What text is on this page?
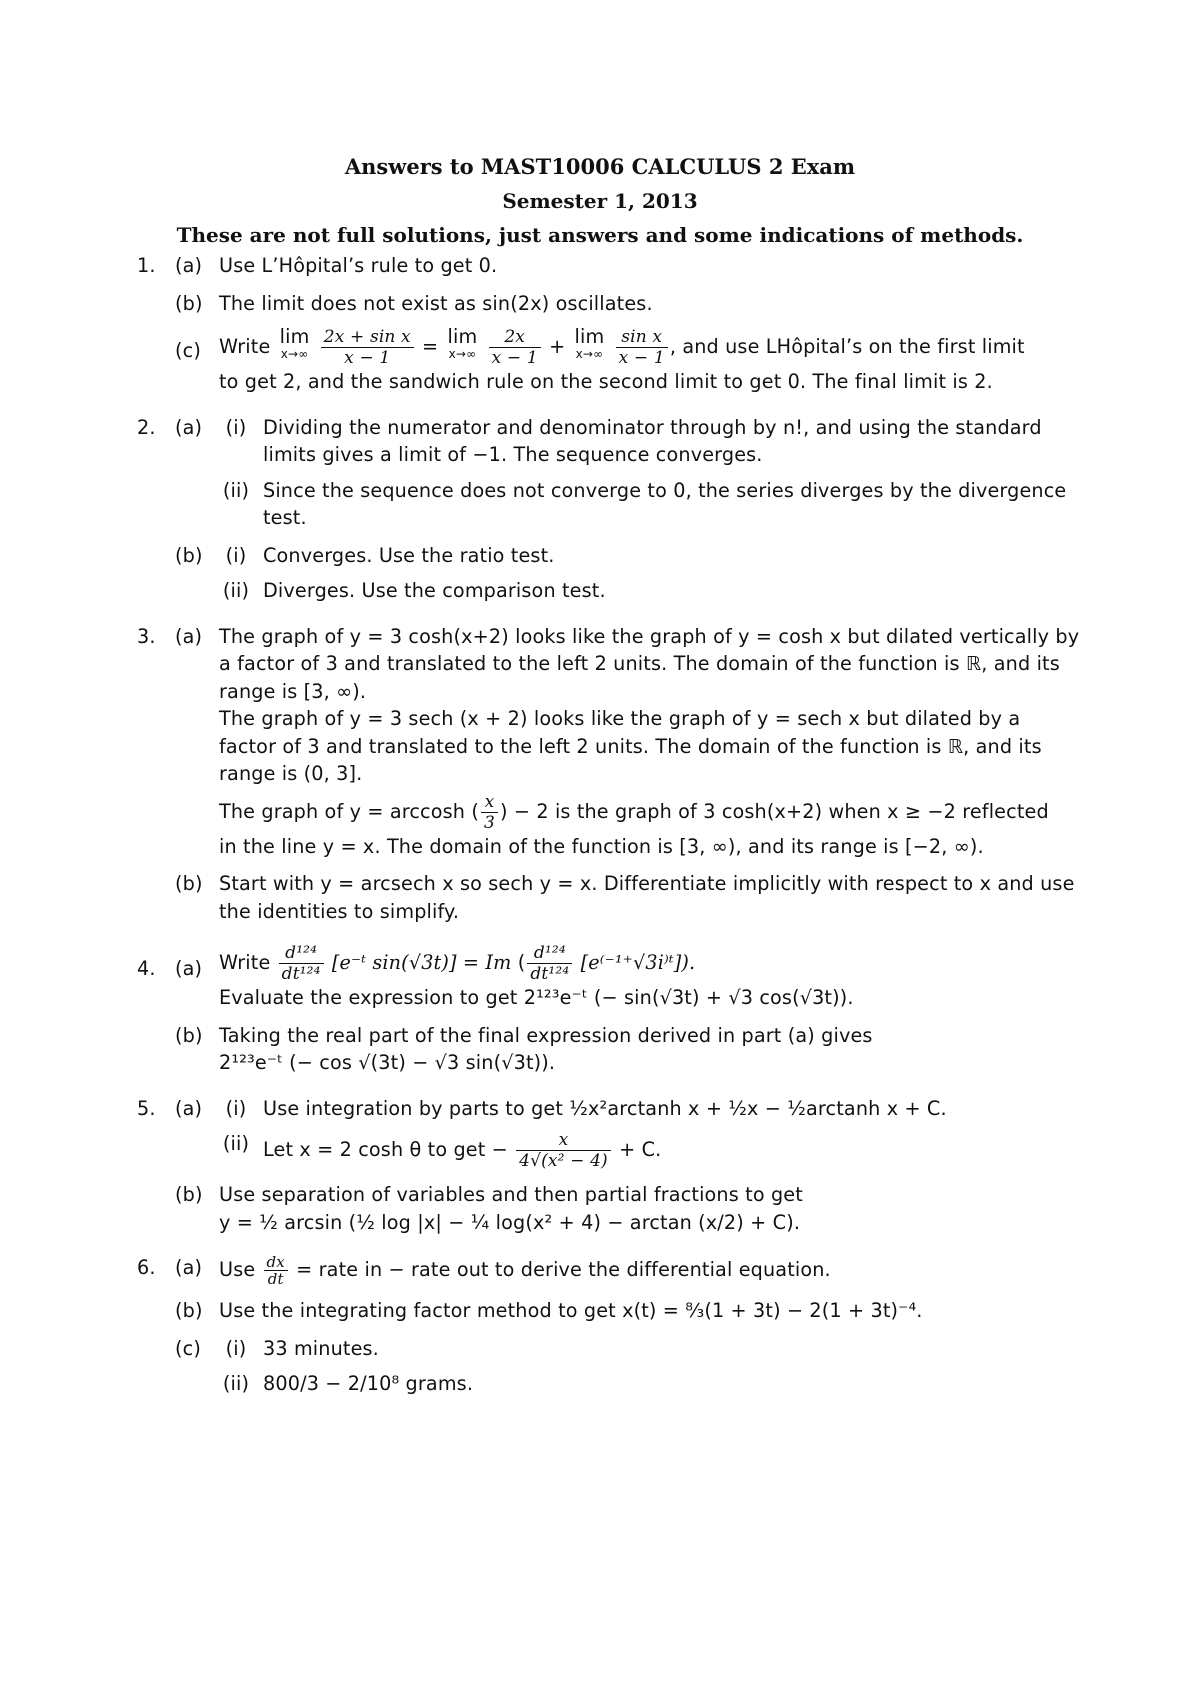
Answers to MAST10006 CALCULUS 2 Exam
Semester 1, 2013
These are not full solutions, just answers and some indications of methods.
1. (a) Use L’Hôpital’s rule to get 0.
(b) The limit does not exist as sin(2x) oscillates.
(c) Write lim
x→∞
$\frac{\text{2x + sin x}}{x - 1} = \lim$
x→∞
$\frac{2x}{x - 1} + \lim$
x→∞
$\frac{\text{sin x}}{x - 1}$ , and use LHôpital’s on the first limit
to get 2, and the sandwich rule on the second limit to get 0. The final limit is 2.
2. (a)	(i) Dividing the numerator and denominator through by n!, and using the standard limits gives a limit of −1. The sequence converges.
(ii) Since the sequence does not converge to 0, the series diverges by the divergence test.
(b)	(i) Converges. Use the ratio test.
(ii) Diverges. Use the comparison test.
3. (a) The graph of y = 3 cosh(x+2) looks like the graph of y = cosh x but dilated vertically by a factor of 3 and translated to the left 2 units. The domain of the function is ℝ, and its range is [3, ∞).
The graph of y = 3 sech (x + 2) looks like the graph of y = sech x but dilated by a factor of 3 and translated to the left 2 units. The domain of the function is ℝ, and its range is (0, 3].
The graph of y = arccosh ( $\frac{x}{3}$ ) − 2 is the graph of 3 cosh(x+2) when x ≥ −2 reflected
in the line y = x. The domain of the function is [3, ∞), and its range is [−2, ∞).
(b) Start with y = arcsech x so sech y = x. Differentiate implicitly with respect to x and use the identities to simplify.
4. (a) Write $\frac{\text{d¹²⁴}}{\text{dt¹²⁴}}$ [e⁻ᵗ sin(√3t)] = Im ( $\frac{\text{d¹²⁴}}{\text{dt¹²⁴}}$ [e⁽⁻¹⁺√3i⁾ᵗ]).
Evaluate the expression to get 2¹²³e⁻ᵗ (− sin(√3t) + √3 cos(√3t)).
(b) Taking the real part of the final expression derived in part (a) gives
2¹²³e⁻ᵗ (− cos √(3t) − √3 sin(√3t)).
5. (a)	(i) Use integration by parts to get ½x²arctanh x + ½x − ½arctanh x + C.
(ii) Let x = 2 cosh θ to get − $\frac{x}{\text{4√(x² − 4)}} + C$.
(b) Use separation of variables and then partial fractions to get
y = ½ arcsin (½ log |x| − ¼ log(x² + 4) − arctan (x/2) + C).
6. (a) Use $\frac{dx}{dt}$ = rate in − rate out to derive the differential equation.
(b) Use the integrating factor method to get x(t) = ⁸⁄₃(1 + 3t) − 2(1 + 3t)⁻⁴.
(c)	(i) 33 minutes.
(ii) 800/3 − 2/10⁸ grams.
